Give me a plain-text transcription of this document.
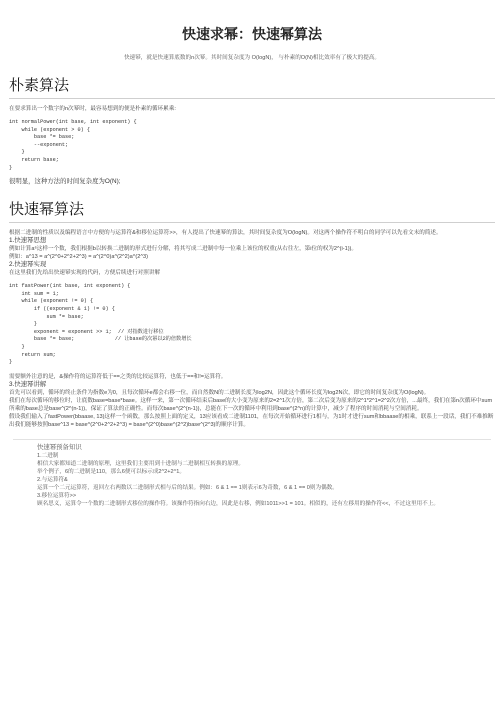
快速求幂：快速幂算法

快速幂，就是快速算底数的n次幂。其时间复杂度为 O(logN)， 与朴素的O(N)相比效率有了极大的提高。

朴素算法

在要求算出一个数字的n次幂时，最容易想到的便是朴素的循环累乘:

int normalPower(int base, int exponent) {
while (exponent > 0) {
base *= base;
--exponent;
}
return base;
}

很明显，这种方法的时间复杂度为O(N);

快速幂算法

根据二进制的性质以及编程语言中方便的与运算符&和移位运算符>>，有人提出了快速幂的算法，其时间复杂度为O(logN)。对这两个操作符不明白的同学可以先看文末的简述。

1.快速幂思想

例如计算a⁶这样一个数，我们根据b以转换二进制的形式进行分解，将其写成二进制中每一位乘上该位的权重(从右往左，第i位的权为2^(i-1))。

例如：a^13 = a^(2^0+2^2+2^3) = a^(2^0)a^(2^2)a^(2^3)

2.快速幂实现

在这里我们先给出快速幂实现的代码，方便后续进行对照讲解

int fastPower(int base, int exponent) {
int sum = 1;
while (exponent != 0) {
if ((exponent & 1) != 0) {
sum *= base;
}
exponent = exponent >> 1;  // 对指数进行移位
base *= base;             // 让base的次幂以2的倍数增长
}
return sum;
}

需要额外注意的是，&操作符的运算符低于==之类的比较运算符，也低于==和!=运算符。

3.快速幂讲解

首先可以看到，循环的终止条件为指数e为0，且每次循环e都会右移一位，而自然数N的二进制长度为log2N，因此这个循环长度为log2N次，即它的时间复杂度为O(logN)。

我们在每次循环的移位时，让底数base=base*base。这样一来，第一次循环结束后base的大小变为原来的2=2^1次方倍，第二次后变为原来的2^1*2^1=2^2次方倍，...最终，我们在第n次循环中sum所乘的base总是base^(2^(n-1))，保证了算法的正确性。而每次base^(2^(n-1))，总能在下一次的循环中利用到base^(2^n)的计算中，减少了程序的时间消耗与空间消耗。

假设我们输入了fastPower(bbaase, 13)这样一个函数，那么按照上面的定义，13应该看成二进制1101，在每次开始循环进行1相与，为1时才进行sum和bbaase的相乘，联系上一段话，我们不难推断出我们能够按照base^13 = base^(2^0+2^2+2^3) = base^(2^0)base^(2^2)base^(2^3)的顺序计算。

快速幂预备知识

1.二进制

相信大家都知道二进制的原理，这里我们主要用到十进制与二进制相互转换的原理。

举个例子，6的二进制是110，那么6便可以标示成2^2+2^1。

2.与运算符&

运算一个二元运算符，返回左右两数以二进制形式相与后的结果。例如：6 & 1 == 1则表示6为奇数，6 & 1 == 0则为偶数。

3.移位运算符>>

顾名思义，运算令一个数的二进制形式移位的操作符。该操作符指向右边，因此是右移，例如1011>>1 = 101。相似的，还有左移用的操作符<<，不过这里用不上。
